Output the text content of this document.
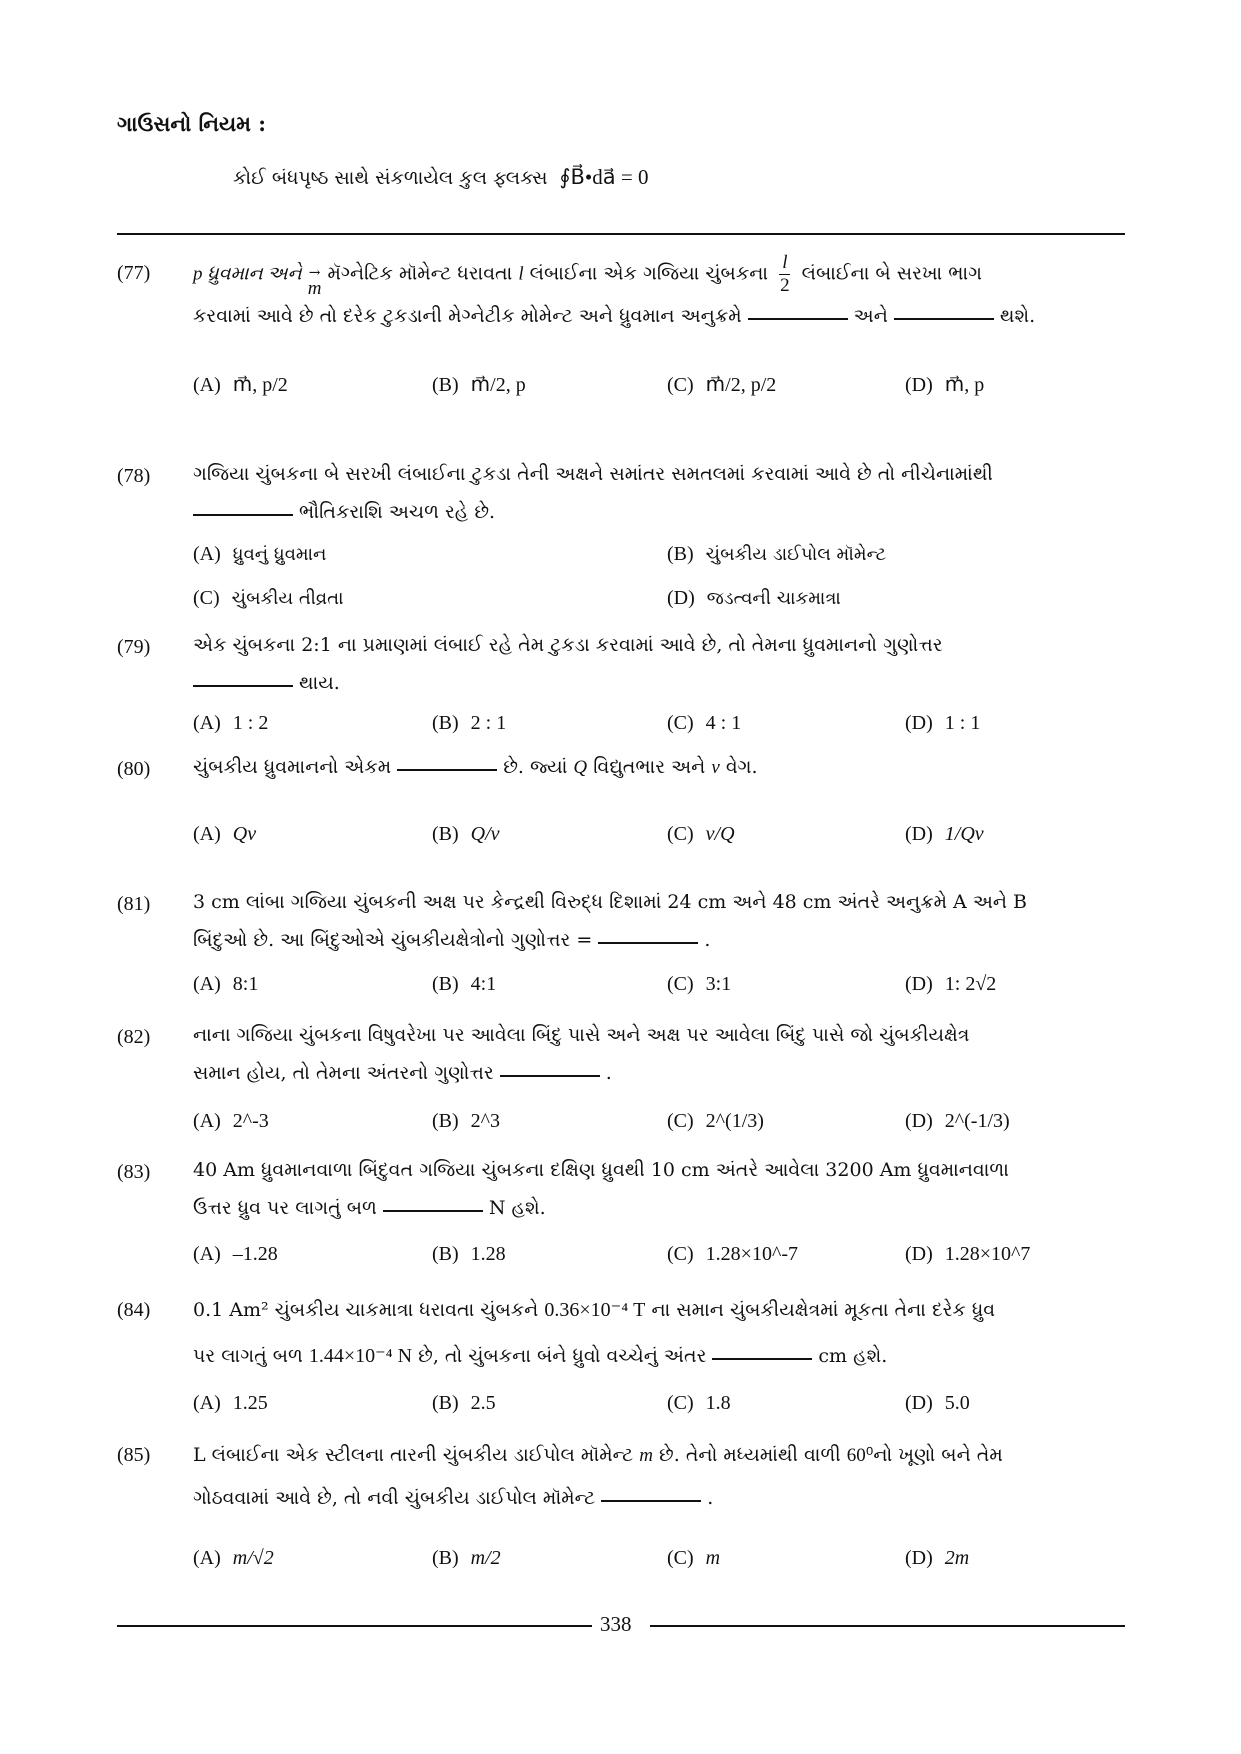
ગાઉસનો નિયમ :
કોઈ બંધપૃષ્ઠ સાથે સંકળાયેલ કુલ ફ્લક્સ ∮B⃗•da⃗ = 0
(77) p ધ્રુવમાન અને →
m
મૅગ્નેટિક મૉમેન્ટ ધરાવતા l લંબાઈના એક ગજિયા ચુંબકના $\frac{l}{2}$ લંબાઈના બે સરખા ભાગ
કરવામાં આવે છે તો દરેક ટુકડાની મેગ્નેટીક મોમેન્ટ અને ધ્રુવમાન અનુક્રમે	અને	થશે.
(A) m⃗, p/2	(B) m⃗/2, p	(C) m⃗/2, p/2	(D) m⃗, p
(78) ગજિયા ચુંબકના બે સરખી લંબાઈના ટુકડા તેની અક્ષને સમાંતર સમતલમાં કરવામાં આવે છે તો નીચેનામાંથી
ભૌતિકરાશિ અચળ રહે છે.
(A) ધ્રુવનું ધ્રુવમાન	(B) ચુંબકીય ડાઈપોલ મૉમેન્ટ
(C) ચુંબકીય તીવ્રતા	(D) જડત્વની ચાકમાત્રા
(79) એક ચુંબકના 2:1 ના પ્રમાણમાં લંબાઈ રહે તેમ ટુકડા કરવામાં આવે છે, તો તેમના ધ્રુવમાનનો ગુણોત્તર
થાય.
(A) 1 : 2	(B) 2 : 1	(C) 4 : 1	(D) 1 : 1
(80) ચુંબકીય ધ્રુવમાનનો એકમ	છે. જ્યાં Q વિદ્યુતભાર અને v વેગ.
(A) Qv	(B) Q/v	(C) v/Q	(D) 1/Qv
(81) 3 cm લાંબા ગજિયા ચુંબકની અક્ષ પર કેન્દ્રથી વિરુદ્ધ દિશામાં 24 cm અને 48 cm અંતરે અનુક્રમે A અને B
બિંદુઓ છે. આ બિંદુઓએ ચુંબકીયક્ષેત્રોનો ગુણોત્તર =	.
(A) 8:1	(B) 4:1	(C) 3:1	(D) 1: 2√2
(82) નાના ગજિયા ચુંબકના વિષુવરેખા પર આવેલા બિંદુ પાસે અને અક્ષ પર આવેલા બિંદુ પાસે જો ચુંબકીયક્ષેત્ર
સમાન હોય, તો તેમના અંતરનો ગુણોત્તર	.
(A) 2^-3	(B) 2^3	(C) 2^(1/3)	(D) 2^(-1/3)
(83) 40 Am ધ્રુવમાનવાળા બિંદુવત ગજિયા ચુંબકના દક્ષિણ ધ્રુવથી 10 cm અંતરે આવેલા 3200 Am ધ્રુવમાનવાળા
ઉત્તર ધ્રુવ પર લાગતું બળ	N હશે.
(A) –1.28	(B) 1.28	(C) 1.28×10^-7	(D) 1.28×10^7
(84) 0.1 Am² ચુંબકીય ચાકમાત્રા ધરાવતા ચુંબકને 0.36×10⁻⁴ T ના સમાન ચુંબકીયક્ષેત્રમાં મૂકતા તેના દરેક ધ્રુવ
પર લાગતું બળ 1.44×10⁻⁴ N છે, તો ચુંબકના બંને ધ્રુવો વચ્ચેનું અંતર	cm હશે.
(A) 1.25	(B) 2.5	(C) 1.8	(D) 5.0
(85) L લંબાઈના એક સ્ટીલના તારની ચુંબકીય ડાઈપોલ મૉમેન્ટ m છે. તેનો મધ્યમાંથી વાળી 60⁰નો ખૂણો બને તેમ
ગોઠવવામાં આવે છે, તો નવી ચુંબકીય ડાઈપોલ મૉમેન્ટ	.
(A) m/√2	(B) m/2	(C) m	(D) 2m
338
